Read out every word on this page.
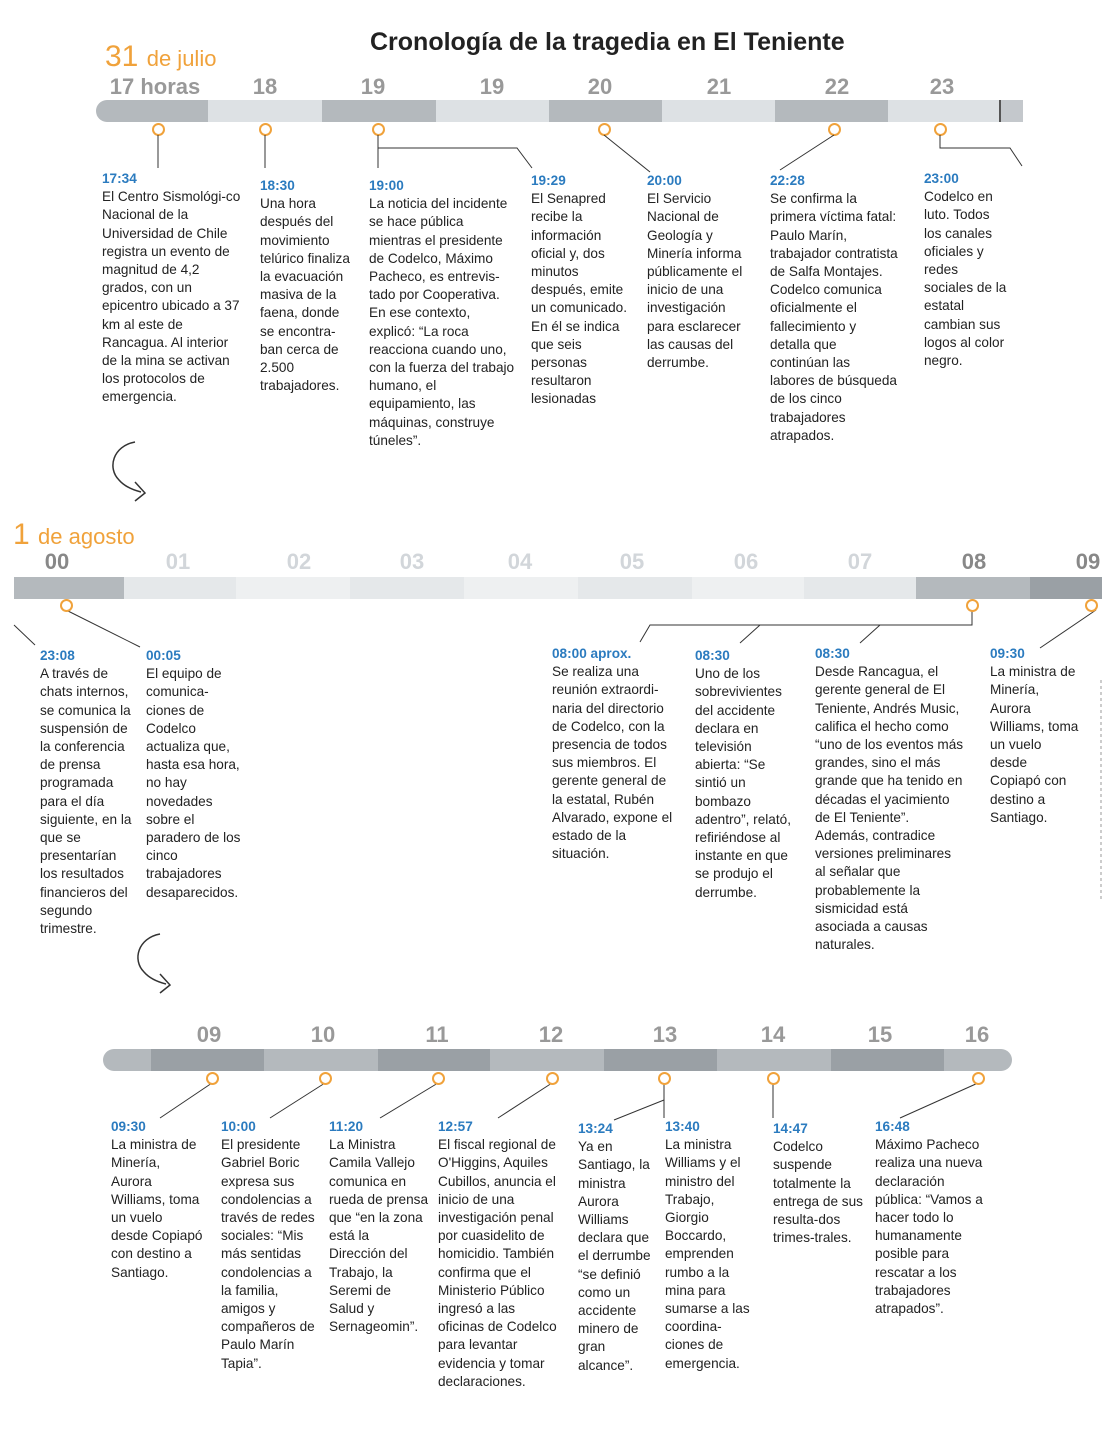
Cronología de la tragedia en El Teniente
31 de julio
17 horas 18	19	19	20	21	22	23
17:34
El Centro Sismológi-co Nacional de la Universidad de Chile registra un evento de magnitud de 4,2 grados, con un epicentro ubicado a 37 km al este de Rancagua. Al interior de la mina se activan los protocolos de emergencia.
18:30
Una hora después del movimiento telúrico finaliza la evacuación masiva de la faena, donde se encontra-ban cerca de 2.500 trabajadores.
19:00
La noticia del incidente se hace pública mientras el presidente de Codelco, Máximo Pacheco, es entrevis-tado por Cooperativa. En ese contexto, explicó: “La roca reacciona cuando uno, con la fuerza del trabajo humano, el equipamiento, las máquinas, construye túneles”.
19:29
El Senapred recibe la información oficial y, dos minutos después, emite un comunicado. En él se indica que seis personas resultaron lesionadas
20:00
El Servicio Nacional de Geología y Minería informa públicamente el inicio de una investigación para esclarecer las causas del derrumbe.
22:28
Se confirma la primera víctima fatal: Paulo Marín, trabajador contratista de Salfa Montajes. Codelco comunica oficialmente el fallecimiento y detalla que continúan las labores de búsqueda de los cinco trabajadores atrapados.
23:00
Codelco en luto. Todos los canales oficiales y redes sociales de la estatal cambian sus logos al color negro.
1 de agosto
00	01	02	03	04	05	06	07	08	09
23:08
A través de chats internos, se comunica la suspensión de la conferencia de prensa programada para el día siguiente, en la que se presentarían los resultados financieros del segundo trimestre.
00:05
El equipo de comunica-ciones de Codelco actualiza que, hasta esa hora, no hay novedades sobre el paradero de los cinco trabajadores desaparecidos.
08:00 aprox.
Se realiza una reunión extraordi-naria del directorio de Codelco, con la presencia de todos sus miembros. El gerente general de la estatal, Rubén Alvarado, expone el estado de la situación.
08:30
Uno de los sobrevivientes del accidente declara en televisión abierta: “Se sintió un bombazo adentro”, relató, refiriéndose al instante en que se produjo el derrumbe.
08:30
Desde Rancagua, el gerente general de El Teniente, Andrés Music, califica el hecho como “uno de los eventos más grandes, sino el más grande que ha tenido en décadas el yacimiento de El Teniente”. Además, contradice versiones preliminares al señalar que probablemente la sismicidad está asociada a causas naturales.
09:30
La ministra de Minería, Aurora Williams, toma un vuelo desde Copiapó con destino a Santiago.
09	10	11	12	13	14	15	16
09:30
La ministra de Minería, Aurora Williams, toma un vuelo desde Copiapó con destino a Santiago.
10:00
El presidente Gabriel Boric expresa sus condolencias a través de redes sociales: “Mis más sentidas condolencias a la familia, amigos y compañeros de Paulo Marín Tapia”.
11:20
La Ministra Camila Vallejo comunica en rueda de prensa que “en la zona está la Dirección del Trabajo, la Seremi de Salud y Sernageomin”.
12:57
El fiscal regional de O'Higgins, Aquiles Cubillos, anuncia el inicio de una investigación penal por cuasidelito de homicidio. También confirma que el Ministerio Público ingresó a las oficinas de Codelco para levantar evidencia y tomar declaraciones.
13:24
Ya en Santiago, la ministra Aurora Williams declara que el derrumbe “se definió como un accidente minero de gran alcance”.
13:40
La ministra Williams y el ministro del Trabajo, Giorgio Boccardo, emprenden rumbo a la mina para sumarse a las coordina-ciones de emergencia.
14:47
Codelco suspende totalmente la entrega de sus resulta-dos trimes-trales.
16:48
Máximo Pacheco realiza una nueva declaración pública: “Vamos a hacer todo lo humanamente posible para rescatar a los trabajadores atrapados”.
